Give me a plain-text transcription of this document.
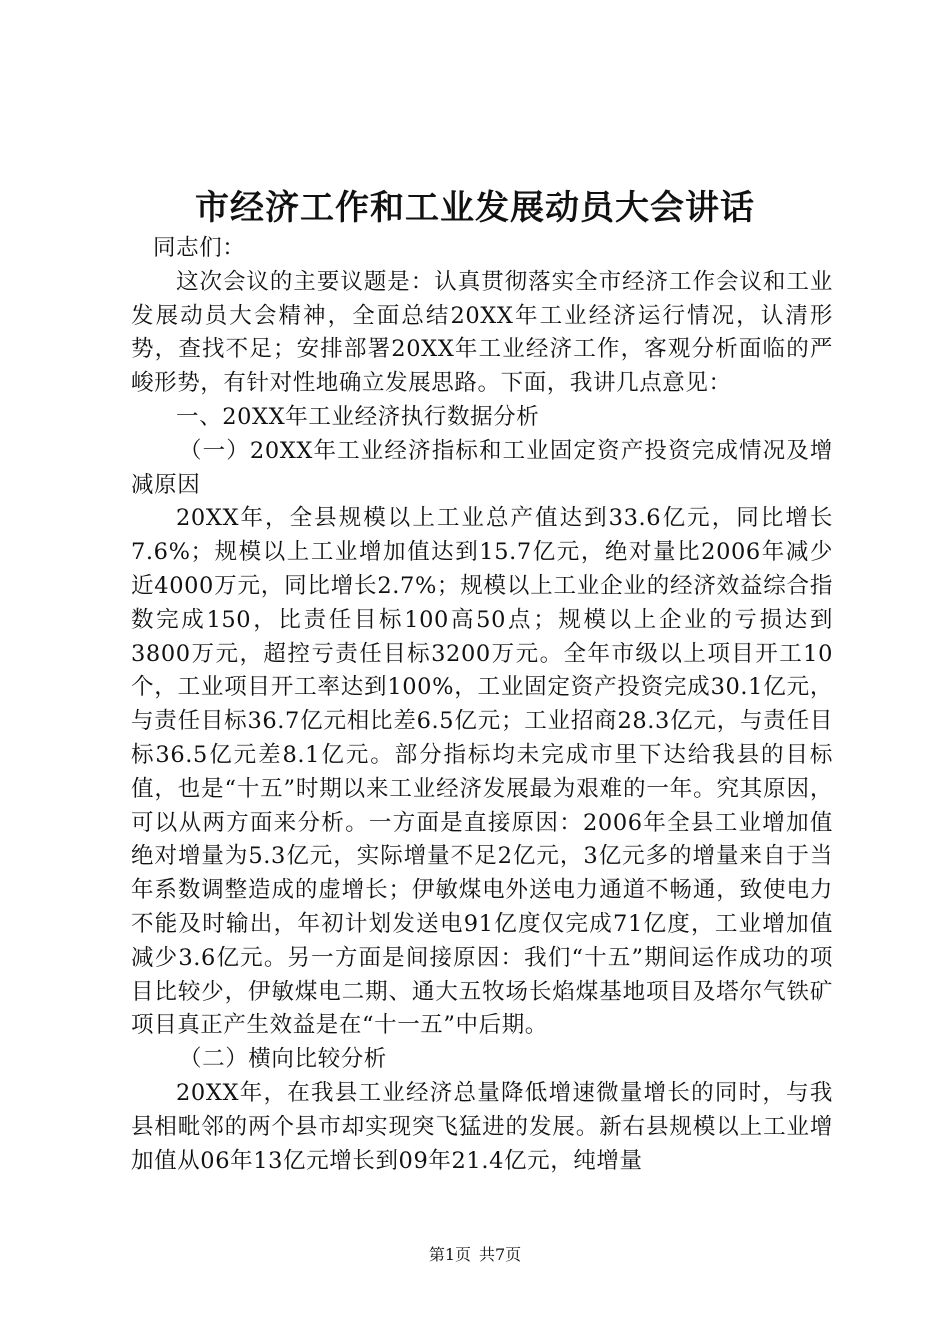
市经济工作和工业发展动员大会讲话

同志们：

这次会议的主要议题是：认真贯彻落实全市经济工作会议和工业发展动员大会精神，全面总结20XX年工业经济运行情况，认清形势，查找不足；安排部署20XX年工业经济工作，客观分析面临的严峻形势，有针对性地确立发展思路。下面，我讲几点意见：

一、20XX年工业经济执行数据分析

（一）20XX年工业经济指标和工业固定资产投资完成情况及增减原因

20XX年，全县规模以上工业总产值达到33.6亿元，同比增长7.6%；规模以上工业增加值达到15.7亿元，绝对量比2006年减少近4000万元，同比增长2.7%；规模以上工业企业的经济效益综合指数完成150，比责任目标100高50点；规模以上企业的亏损达到3800万元，超控亏责任目标3200万元。全年市级以上项目开工10个，工业项目开工率达到100%，工业固定资产投资完成30.1亿元，与责任目标36.7亿元相比差6.5亿元；工业招商28.3亿元，与责任目标36.5亿元差8.1亿元。部分指标均未完成市里下达给我县的目标值，也是“十五”时期以来工业经济发展最为艰难的一年。究其原因，可以从两方面来分析。一方面是直接原因：2006年全县工业增加值绝对增量为5.3亿元，实际增量不足2亿元，3亿元多的增量来自于当年系数调整造成的虚增长；伊敏煤电外送电力通道不畅通，致使电力不能及时输出，年初计划发送电91亿度仅完成71亿度，工业增加值减少3.6亿元。另一方面是间接原因：我们“十五”期间运作成功的项目比较少，伊敏煤电二期、通大五牧场长焰煤基地项目及塔尔气铁矿项目真正产生效益是在“十一五”中后期。

（二）横向比较分析

20XX年，在我县工业经济总量降低增速微量增长的同时，与我县相毗邻的两个县市却实现突飞猛进的发展。新右县规模以上工业增加值从06年13亿元增长到09年21.4亿元，纯增量

第1页 共7页
